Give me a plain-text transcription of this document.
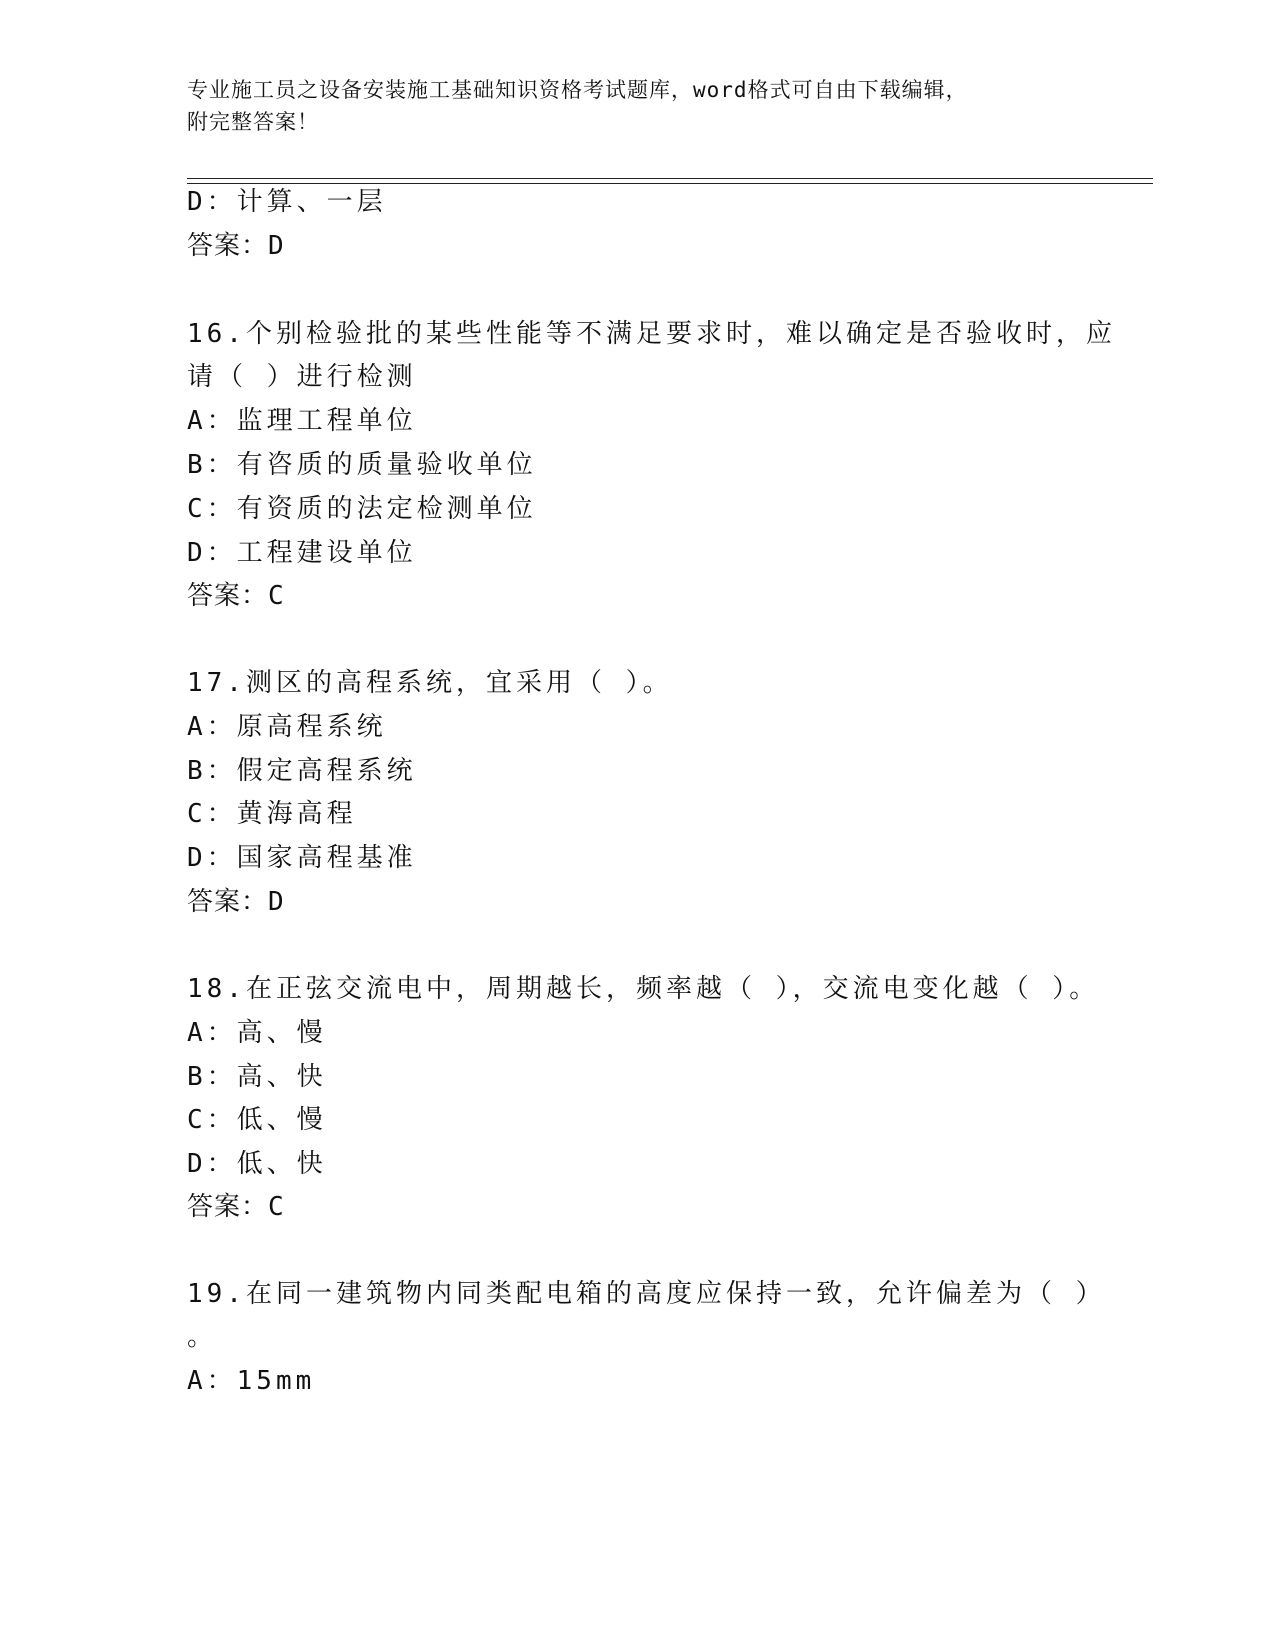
专业施工员之设备安装施工基础知识资格考试题库，word格式可自由下载编辑，
附完整答案！
D：计算、一层
答案：D
16.个别检验批的某些性能等不满足要求时，难以确定是否验收时，应
请（ ）进行检测
A：监理工程单位
B：有咨质的质量验收单位
C：有资质的法定检测单位
D：工程建设单位
答案：C
17.测区的高程系统，宜采用（ ）。
A：原高程系统
B：假定高程系统
C：黄海高程
D：国家高程基准
答案：D
18.在正弦交流电中，周期越长，频率越（ ），交流电变化越（ ）。
A：高、慢
B：高、快
C：低、慢
D：低、快
答案：C
19.在同一建筑物内同类配电箱的高度应保持一致，允许偏差为（ ）
。
A：15mm
